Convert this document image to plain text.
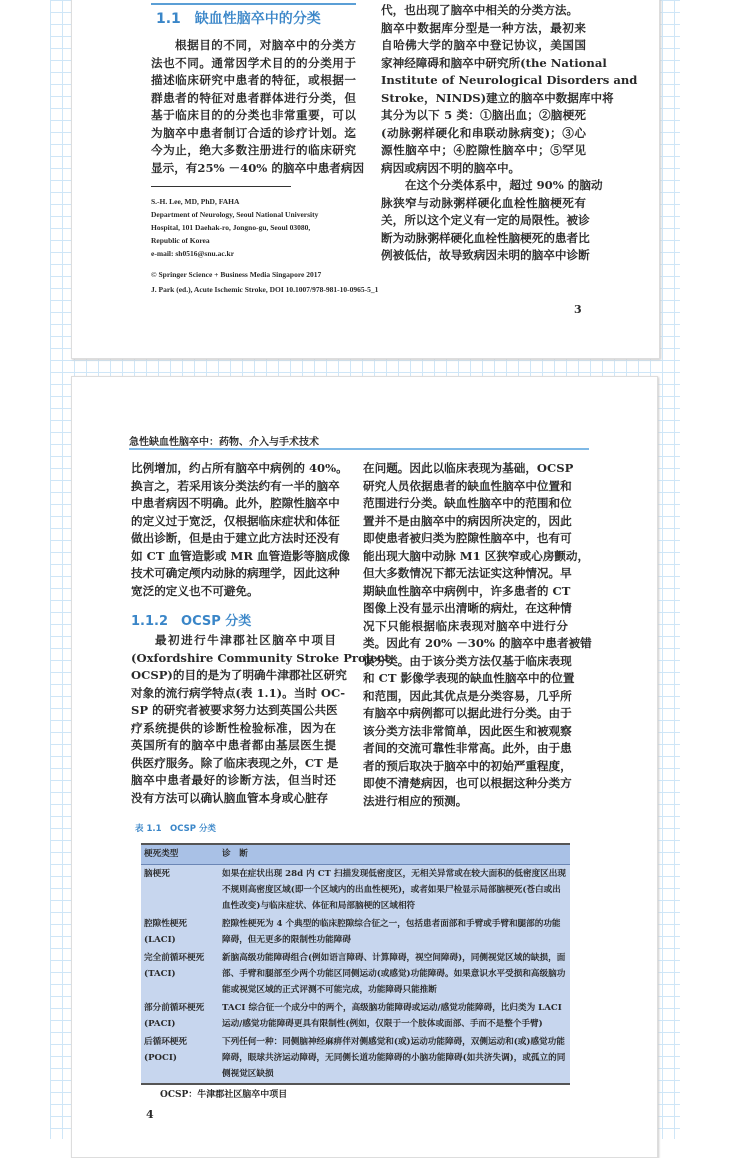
1.1　缺血性脑卒中的分类
根据目的不同，对脑卒中的分类方
法也不同。通常因学术目的的分类用于
描述临床研究中患者的特征，或根据一
群患者的特征对患者群体进行分类，但
基于临床目的的分类也非常重要，可以
为脑卒中患者制订合适的诊疗计划。迄
今为止，绝大多数注册进行的临床研究
显示，有25% －40% 的脑卒中患者病因
代，也出现了脑卒中相关的分类方法。
脑卒中数据库分型是一种方法，最初来
自哈佛大学的脑卒中登记协议，美国国
家神经障碍和脑卒中研究所(the National
Institute of Neurological Disorders and
Stroke，NINDS)建立的脑卒中数据库中将
其分为以下 5 类：①脑出血；②脑梗死
(动脉粥样硬化和串联动脉病变)；③心
源性脑卒中；④腔隙性脑卒中；⑤罕见
病因或病因不明的脑卒中。
在这个分类体系中，超过 90% 的脑动
脉狭窄与动脉粥样硬化血栓性脑梗死有
关，所以这个定义有一定的局限性。被诊
断为动脉粥样硬化血栓性脑梗死的患者比
例被低估，故导致病因未明的脑卒中诊断
S.-H. Lee, MD, PhD, FAHA
Department of Neurology, Seoul National University
Hospital, 101 Daehak-ro, Jongno-gu, Seoul 03080,
Republic of Korea
e-mail: sh0516@snu.ac.kr
© Springer Science + Business Media Singapore 2017
J. Park (ed.), Acute Ischemic Stroke, DOI 10.1007/978-981-10-0965-5_1
3
急性缺血性脑卒中：药物、介入与手术技术
比例增加，约占所有脑卒中病例的 40%。
换言之，若采用该分类法约有一半的脑卒
中患者病因不明确。此外，腔隙性脑卒中
的定义过于宽泛，仅根据临床症状和体征
做出诊断，但是由于建立此方法时还没有
如 CT 血管造影或 MR 血管造影等脑成像
技术可确定颅内动脉的病理学，因此这种
宽泛的定义也不可避免。
1.1.2　OCSP 分类
最初进行牛津郡社区脑卒中项目
(Oxfordshire Community Stroke Project,
OCSP)的目的是为了明确牛津郡社区研究
对象的流行病学特点(表 1.1)。当时 OC-
SP 的研究者被要求努力达到英国公共医
疗系统提供的诊断性检验标准，因为在
英国所有的脑卒中患者都由基层医生提
供医疗服务。除了临床表现之外，CT 是
脑卒中患者最好的诊断方法，但当时还
没有方法可以确认脑血管本身或心脏存
在问题。因此以临床表现为基础，OCSP
研究人员依据患者的缺血性脑卒中位置和
范围进行分类。缺血性脑卒中的范围和位
置并不是由脑卒中的病因所决定的，因此
即使患者被归类为腔隙性脑卒中，也有可
能出现大脑中动脉 M1 区狭窄或心房颤动，
但大多数情况下都无法证实这种情况。早
期缺血性脑卒中病例中，许多患者的 CT
图像上没有显示出清晰的病灶，在这种情
况下只能根据临床表现对脑卒中进行分
类。因此有 20% －30% 的脑卒中患者被错
误分类。由于该分类方法仅基于临床表现
和 CT 影像学表现的缺血性脑卒中的位置
和范围，因此其优点是分类容易，几乎所
有脑卒中病例都可以据此进行分类。由于
该分类方法非常简单，因此医生和被观察
者间的交流可靠性非常高。此外，由于患
者的预后取决于脑卒中的初始严重程度，
即使不清楚病因，也可以根据这种分类方
法进行相应的预测。
表 1.1　OCSP 分类
梗死类型	诊　断

脑梗死	如果在症状出现 28d 内 CT 扫描发现低密度区，无相关异常或在较大面积的低密度区出现不规则高密度区域(即一个区域内的出血性梗死)，或者如果尸检显示局部脑梗死(苍白或出血性改变)与临床症状、体征和局部脑梗的区域相符

腔隙性梗死
(LACI)	腔隙性梗死为 4 个典型的临床腔隙综合征之一，包括患者面部和手臂或手臂和腿部的功能障碍，但无更多的限制性功能障碍

完全前循环梗死
(TACI)	新脑高级功能障碍组合(例如语言障碍、计算障碍，视空间障碍)，同侧视觉区域的缺损，面部、手臂和腿部至少两个功能区同侧运动(或感觉)功能障碍。如果意识水平受损和高级脑功能或视觉区域的正式评测不可能完成，功能障碍只能推断

部分前循环梗死
(PACI)	TACI 综合征一个成分中的两个，高级脑功能障碍或运动/感觉功能障碍，比归类为 LACI 运动/感觉功能障碍更具有限制性(例如，仅限于一个肢体或面部、手而不是整个手臂)

后循环梗死
(POCI)	下列任何一种：同侧脑神经麻痹伴对侧感觉和(或)运动功能障碍，双侧运动和(或)感觉功能障碍，眼球共济运动障碍，无同侧长道功能障碍的小脑功能障碍(如共济失调)，或孤立的同侧视觉区缺损
OCSP：牛津郡社区脑卒中项目
4
